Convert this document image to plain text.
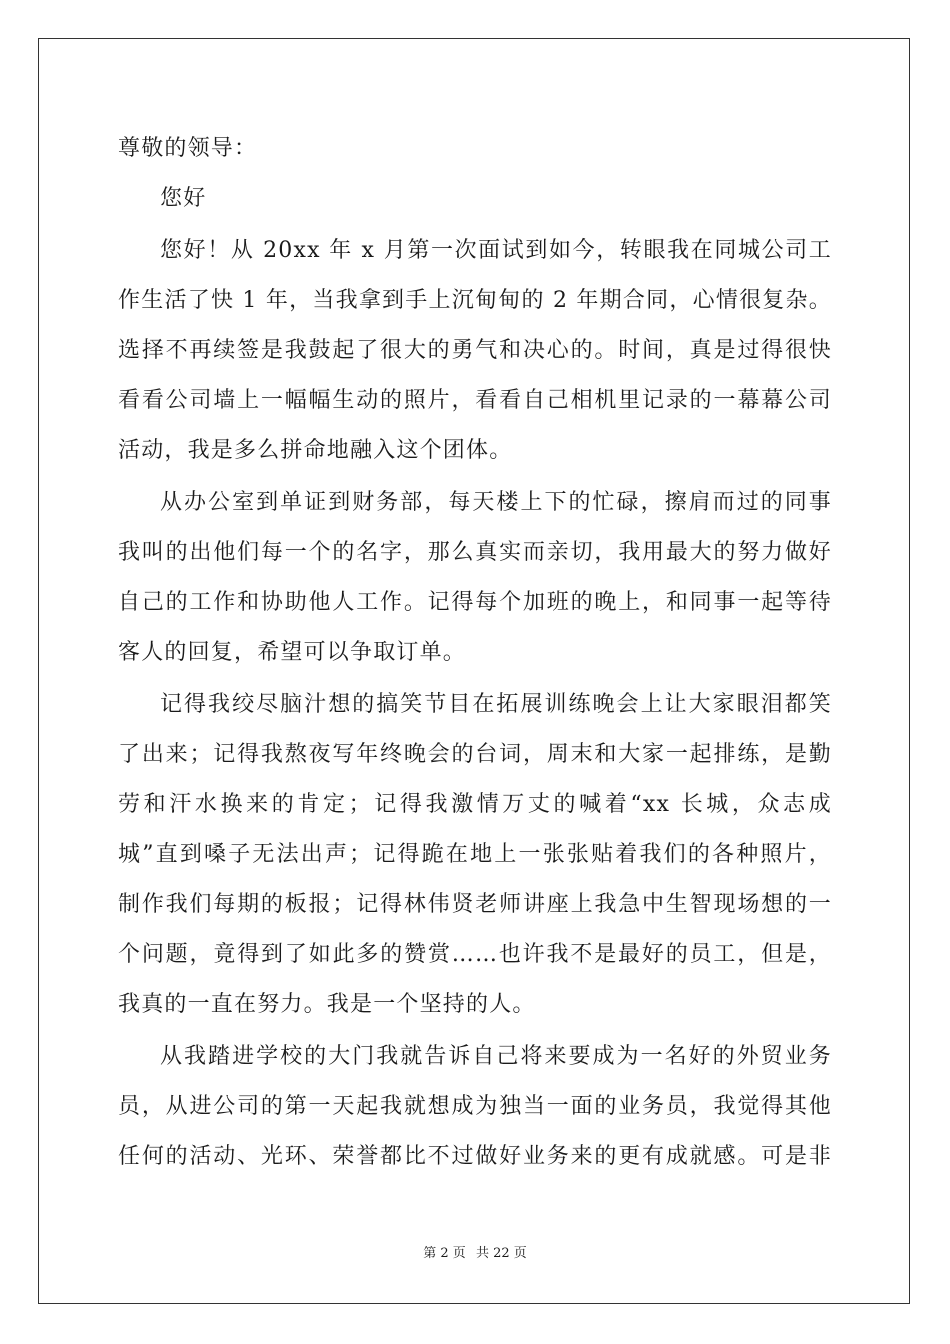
尊敬的领导：
您好
您好！从 20xx 年 x 月第一次面试到如今，转眼我在同城公司工
作生活了快 1 年，当我拿到手上沉甸甸的 2 年期合同，心情很复杂。
选择不再续签是我鼓起了很大的勇气和决心的。时间，真是过得很快
看看公司墙上一幅幅生动的照片，看看自己相机里记录的一幕幕公司
活动，我是多么拼命地融入这个团体。
从办公室到单证到财务部，每天楼上下的忙碌，擦肩而过的同事
我叫的出他们每一个的名字，那么真实而亲切，我用最大的努力做好
自己的工作和协助他人工作。记得每个加班的晚上，和同事一起等待
客人的回复，希望可以争取订单。
记得我绞尽脑汁想的搞笑节目在拓展训练晚会上让大家眼泪都笑
了出来；记得我熬夜写年终晚会的台词，周末和大家一起排练，是勤
劳和汗水换来的肯定；记得我激情万丈的喊着“xx 长城，众志成
城”直到嗓子无法出声；记得跪在地上一张张贴着我们的各种照片，
制作我们每期的板报；记得林伟贤老师讲座上我急中生智现场想的一
个问题，竟得到了如此多的赞赏……也许我不是最好的员工，但是，
我真的一直在努力。我是一个坚持的人。
从我踏进学校的大门我就告诉自己将来要成为一名好的外贸业务
员，从进公司的第一天起我就想成为独当一面的业务员，我觉得其他
任何的活动、光环、荣誉都比不过做好业务来的更有成就感。可是非
第 2 页 共 22 页
